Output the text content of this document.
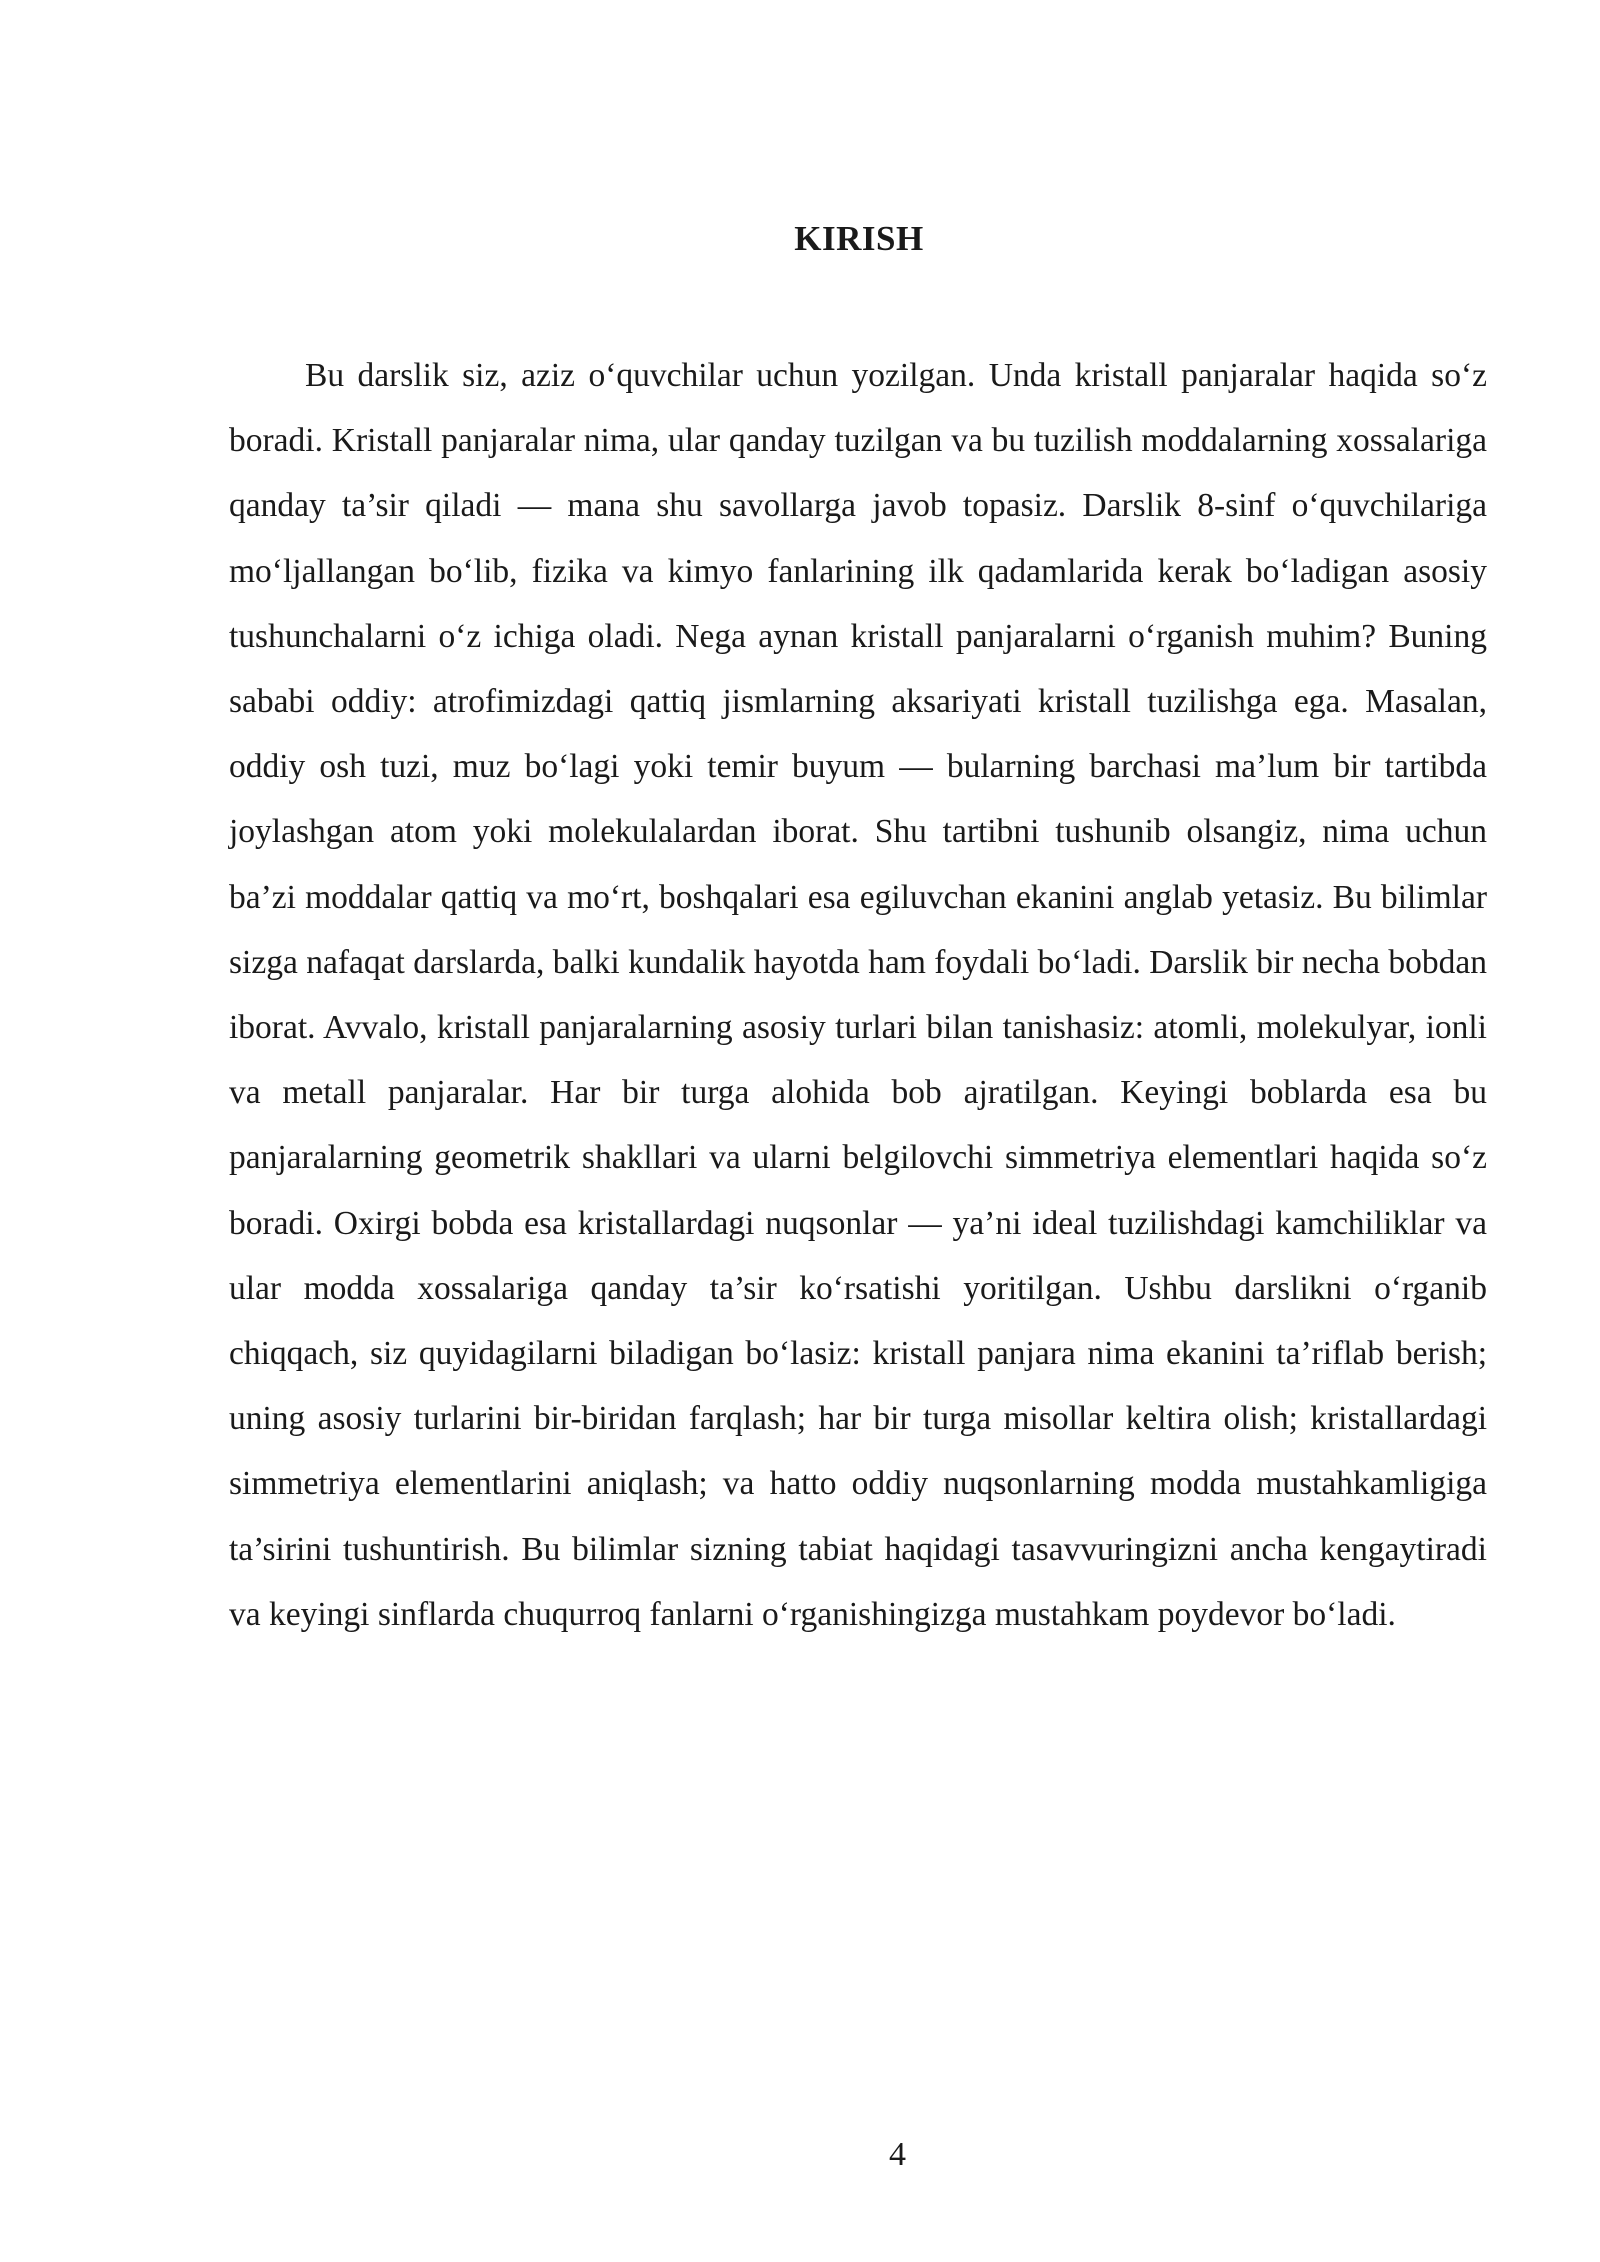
KIRISH

Bu darslik siz, aziz o‘quvchilar uchun yozilgan. Unda kristall panjaralar haqida so‘z boradi. Kristall panjaralar nima, ular qanday tuzilgan va bu tuzilish moddalarning xossalariga qanday ta’sir qiladi — mana shu savollarga javob topasiz. Darslik 8-sinf o‘quvchilariga mo‘ljallangan bo‘lib, fizika va kimyo fanlarining ilk qadamlarida kerak bo‘ladigan asosiy tushunchalarni o‘z ichiga oladi. Nega aynan kristall panjaralarni o‘rganish muhim? Buning sababi oddiy: atrofimizdagi qattiq jismlarning aksariyati kristall tuzilishga ega. Masalan, oddiy osh tuzi, muz bo‘lagi yoki temir buyum — bularning barchasi ma’lum bir tartibda joylashgan atom yoki molekulalardan iborat. Shu tartibni tushunib olsangiz, nima uchun ba’zi moddalar qattiq va mo‘rt, boshqalari esa egiluvchan ekanini anglab yetasiz. Bu bilimlar sizga nafaqat darslarda, balki kundalik hayotda ham foydali bo‘ladi. Darslik bir necha bobdan iborat. Avvalo, kristall panjaralarning asosiy turlari bilan tanishasiz: atomli, molekulyar, ionli va metall panjaralar. Har bir turga alohida bob ajratilgan. Keyingi boblarda esa bu panjaralarning geometrik shakllari va ularni belgilovchi simmetriya elementlari haqida so‘z boradi. Oxirgi bobda esa kristallardagi nuqsonlar — ya’ni ideal tuzilishdagi kamchiliklar va ular modda xossalariga qanday ta’sir ko‘rsatishi yoritilgan. Ushbu darslikni o‘rganib chiqqach, siz quyidagilarni biladigan bo‘lasiz: kristall panjara nima ekanini ta’riflab berish; uning asosiy turlarini bir-biridan farqlash; har bir turga misollar keltira olish; kristallardagi simmetriya elementlarini aniqlash; va hatto oddiy nuqsonlarning modda mustahkamligiga ta’sirini tushuntirish. Bu bilimlar sizning tabiat haqidagi tasavvuringizni ancha kengaytiradi va keyingi sinflarda chuqurroq fanlarni o‘rganishingizga mustahkam poydevor bo‘ladi.

4
